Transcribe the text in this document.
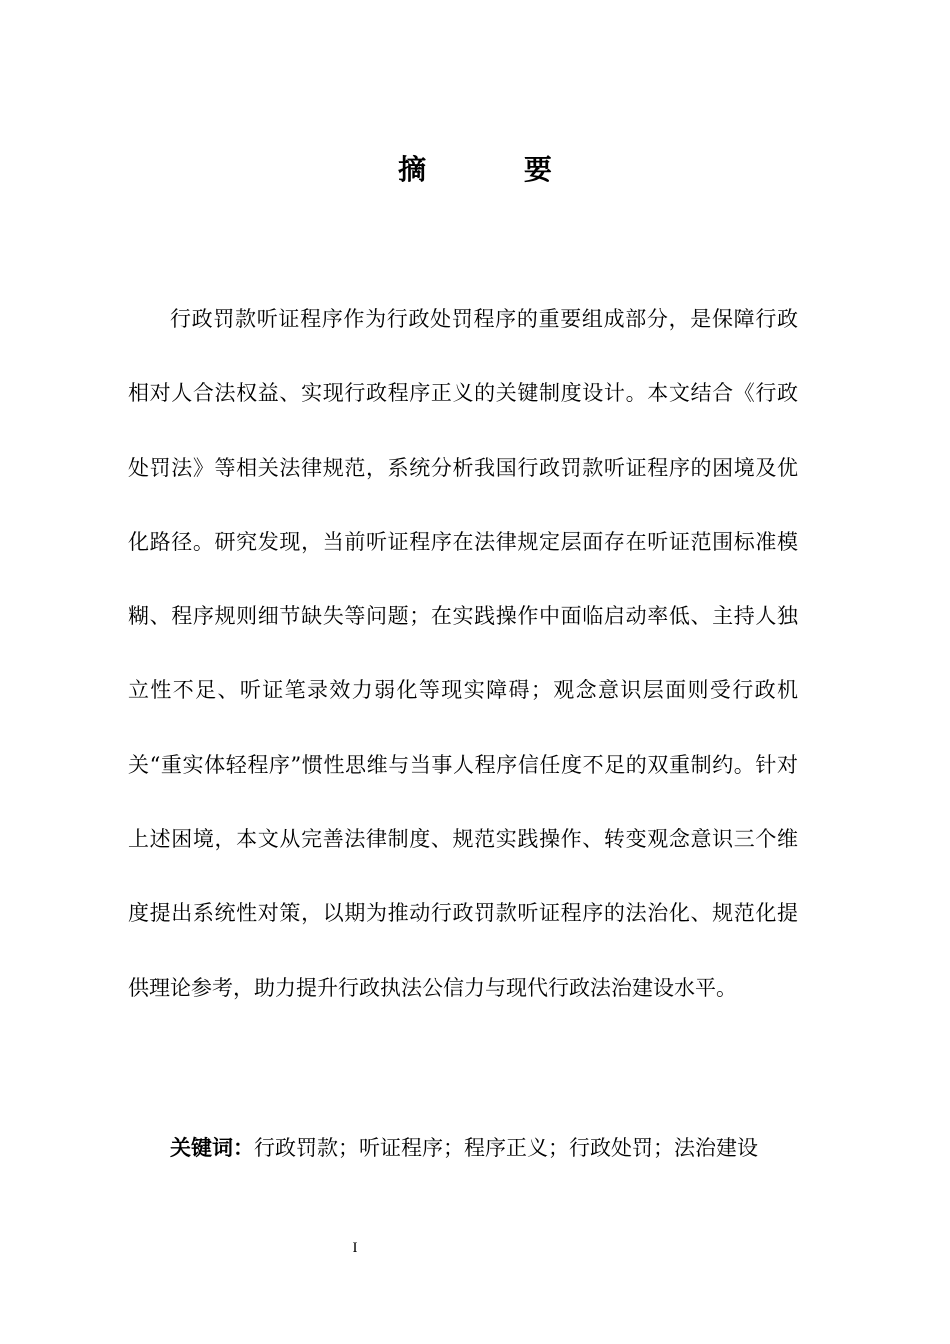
摘 要

行政罚款听证程序作为行政处罚程序的重要组成部分，是保障行政相对人合法权益、实现行政程序正义的关键制度设计。本文结合《行政处罚法》等相关法律规范，系统分析我国行政罚款听证程序的困境及优化路径。研究发现，当前听证程序在法律规定层面存在听证范围标准模糊、程序规则细节缺失等问题；在实践操作中面临启动率低、主持人独立性不足、听证笔录效力弱化等现实障碍；观念意识层面则受行政机关“重实体轻程序”惯性思维与当事人程序信任度不足的双重制约。针对上述困境，本文从完善法律制度、规范实践操作、转变观念意识三个维度提出系统性对策，以期为推动行政罚款听证程序的法治化、规范化提供理论参考，助力提升行政执法公信力与现代行政法治建设水平。

关键词：行政罚款；听证程序；程序正义；行政处罚；法治建设

I
